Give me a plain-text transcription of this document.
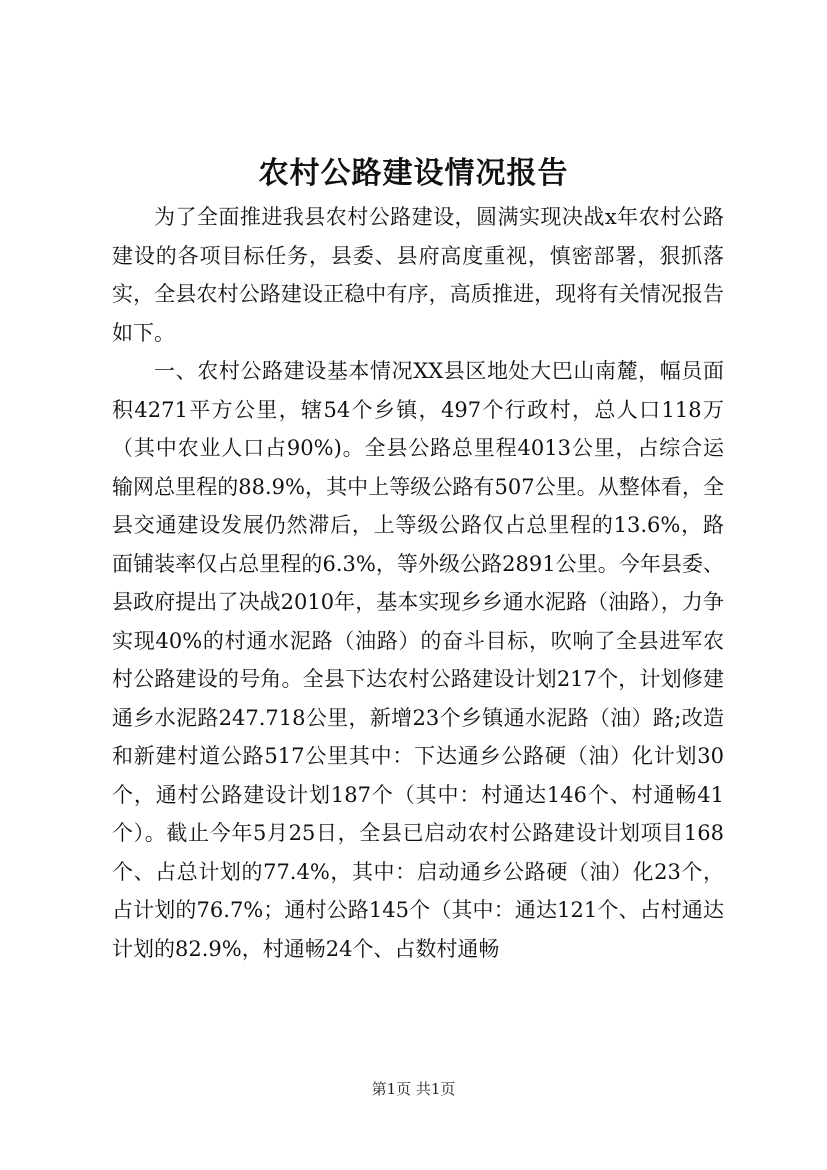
农村公路建设情况报告

为了全面推进我县农村公路建设，圆满实现决战x年农村公路建设的各项目标任务，县委、县府高度重视，慎密部署，狠抓落实，全县农村公路建设正稳中有序，高质推进，现将有关情况报告如下。

一、农村公路建设基本情况XX县区地处大巴山南麓，幅员面积4271平方公里，辖54个乡镇，497个行政村，总人口118万（其中农业人口占90%)。全县公路总里程4013公里，占综合运输网总里程的88.9%，其中上等级公路有507公里。从整体看，全县交通建设发展仍然滞后，上等级公路仅占总里程的13.6%，路面铺装率仅占总里程的6.3%，等外级公路2891公里。今年县委、县政府提出了决战2010年，基本实现乡乡通水泥路（油路），力争实现40%的村通水泥路（油路）的奋斗目标，吹响了全县进军农村公路建设的号角。全县下达农村公路建设计划217个，计划修建通乡水泥路247.718公里，新增23个乡镇通水泥路（油）路;改造和新建村道公路517公里其中：下达通乡公路硬（油）化计划30个，通村公路建设计划187个（其中：村通达146个、村通畅41个）。截止今年5月25日，全县已启动农村公路建设计划项目168个、占总计划的77.4%，其中：启动通乡公路硬（油）化23个，占计划的76.7%；通村公路145个（其中：通达121个、占村通达计划的82.9%，村通畅24个、占数村通畅

第1页 共1页
